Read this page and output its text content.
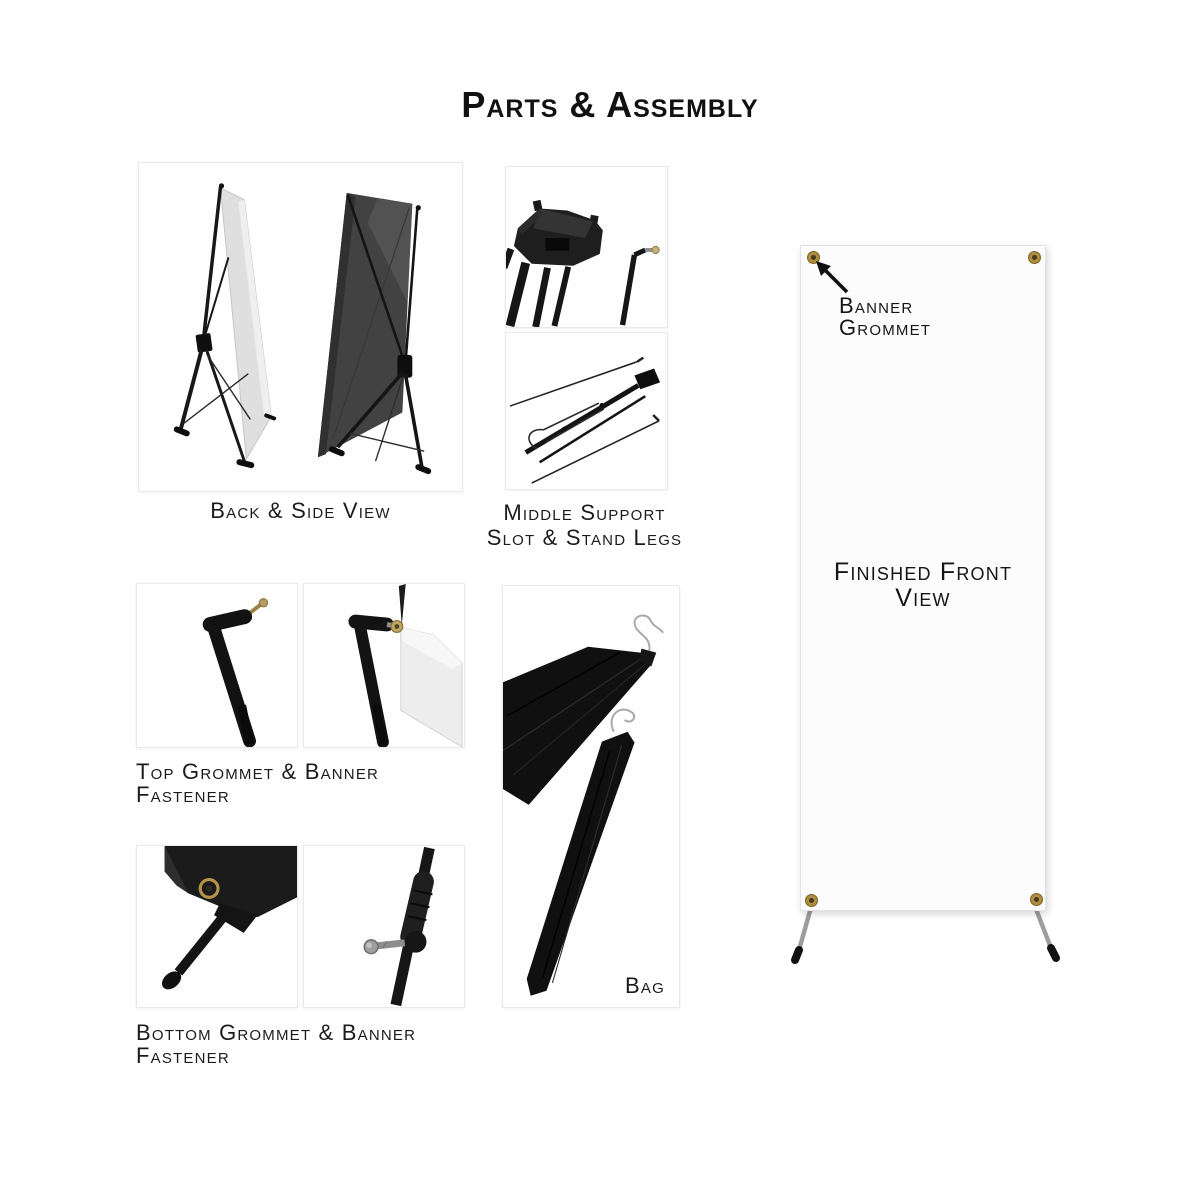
Parts & Assembly
Back & Side View	Middle Support
Slot & Stand Legs
Top Grommet & Banner
Fastener
Bottom Grommet & Banner
Fastener
Bag
Banner
Grommet
Finished Front
View
